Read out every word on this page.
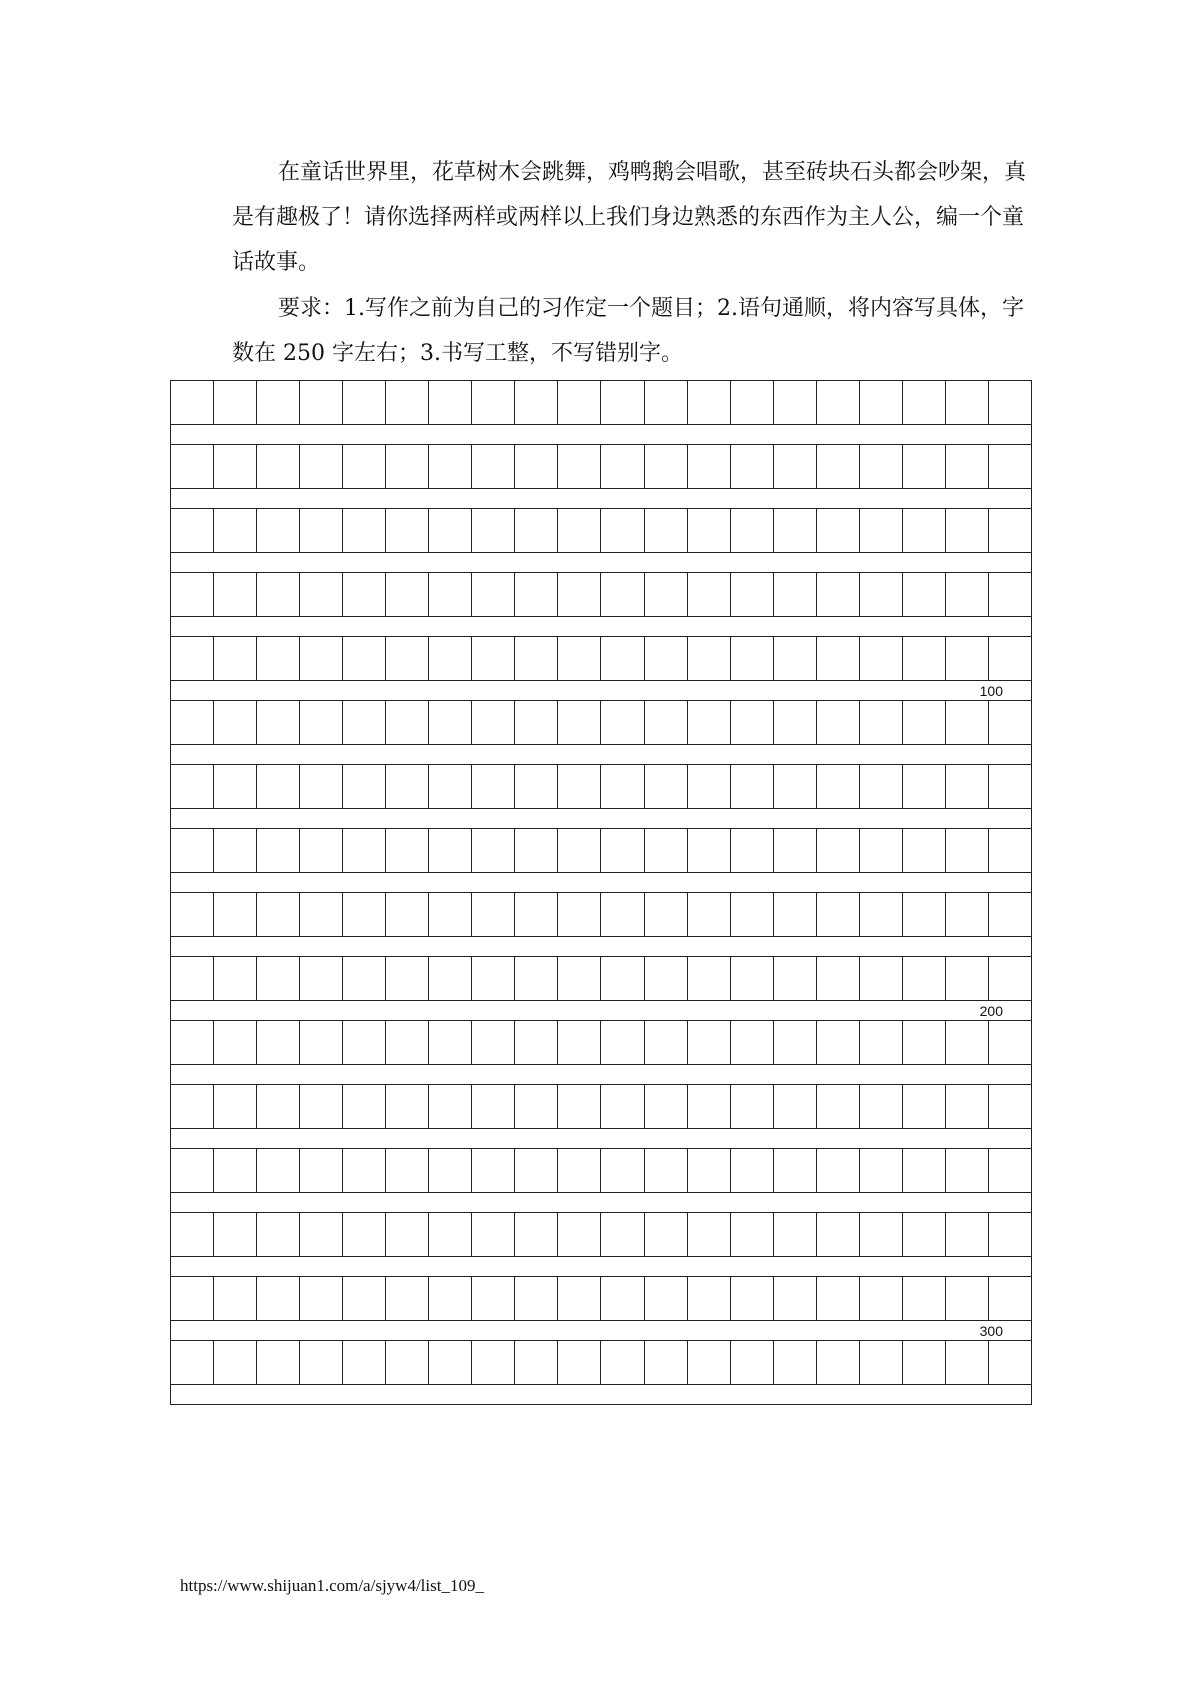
在童话世界里，花草树木会跳舞，鸡鸭鹅会唱歌，甚至砖块石头都会吵架，真是有趣极了！请你选择两样或两样以上我们身边熟悉的东西作为主人公，编一个童话故事。

要求：1.写作之前为自己的习作定一个题目；2.语句通顺，将内容写具体，字数在 250 字左右；3.书写工整，不写错别字。

100
200
300
https://www.shijuan1.com/a/sjyw4/list_109_
